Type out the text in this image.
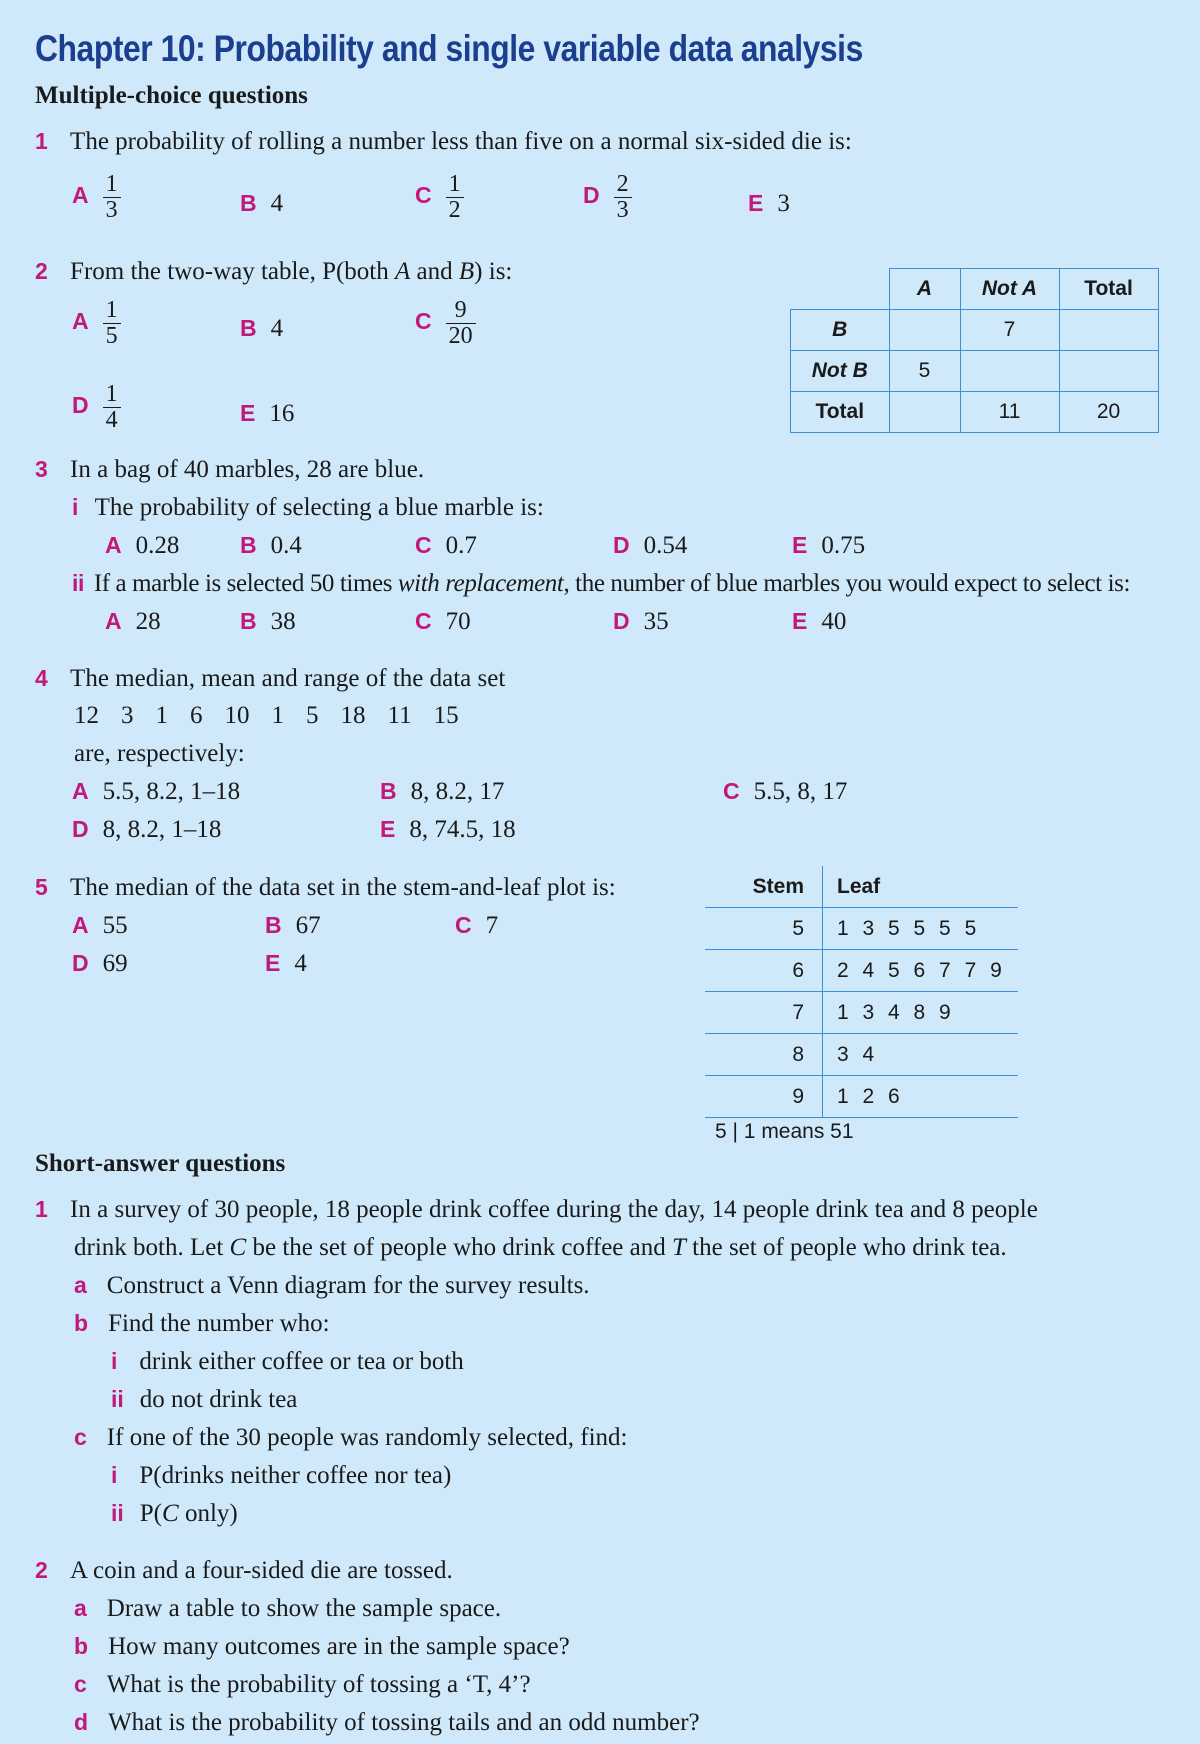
Chapter 10: Probability and single variable data analysis
Multiple-choice questions
1 The probability of rolling a number less than five on a normal six-sided die is:
A $\frac{1}{3}$	B 4	C $\frac{1}{2}$	D $\frac{2}{3}$	E 3
2 From the two-way table, P(both A and B) is:
A $\frac{1}{5}$	B 4	C $\frac{9}{20}$
D $\frac{1}{4}$	E 16
	A	Not A	Total
B		7	
Not B	5		
Total		11	20
3 In a bag of 40 marbles, 28 are blue.
i The probability of selecting a blue marble is:
A 0.28	B 0.4	C 0.7	D 0.54	E 0.75
ii If a marble is selected 50 times with replacement, the number of blue marbles you would expect to select is:
A 28	B 38	C 70	D 35	E 40
4 The median, mean and range of the data set
12 3 1 6 10 1 5 18 11 15
are, respectively:
A 5.5, 8.2, 1–18	B 8, 8.2, 17	C 5.5, 8, 17
D 8, 8.2, 1–18	E 8, 74.5, 18
5 The median of the data set in the stem-and-leaf plot is:
A 55	B 67	C 7
D 69	E 4
Stem	Leaf
5	1 3 5 5 5 5
6	2 4 5 6 7 7 9
7	1 3 4 8 9
8	3 4
9	1 2 6
5 | 1 means 51
Short-answer questions
1 In a survey of 30 people, 18 people drink coffee during the day, 14 people drink tea and 8 people
drink both. Let C be the set of people who drink coffee and T the set of people who drink tea.
a Construct a Venn diagram for the survey results.
b Find the number who:
i drink either coffee or tea or both
ii do not drink tea
c If one of the 30 people was randomly selected, find:
i P(drinks neither coffee nor tea)
ii P(C only)
2 A coin and a four-sided die are tossed.
a Draw a table to show the sample space.
b How many outcomes are in the sample space?
c What is the probability of tossing a ‘T, 4’?
d What is the probability of tossing tails and an odd number?
